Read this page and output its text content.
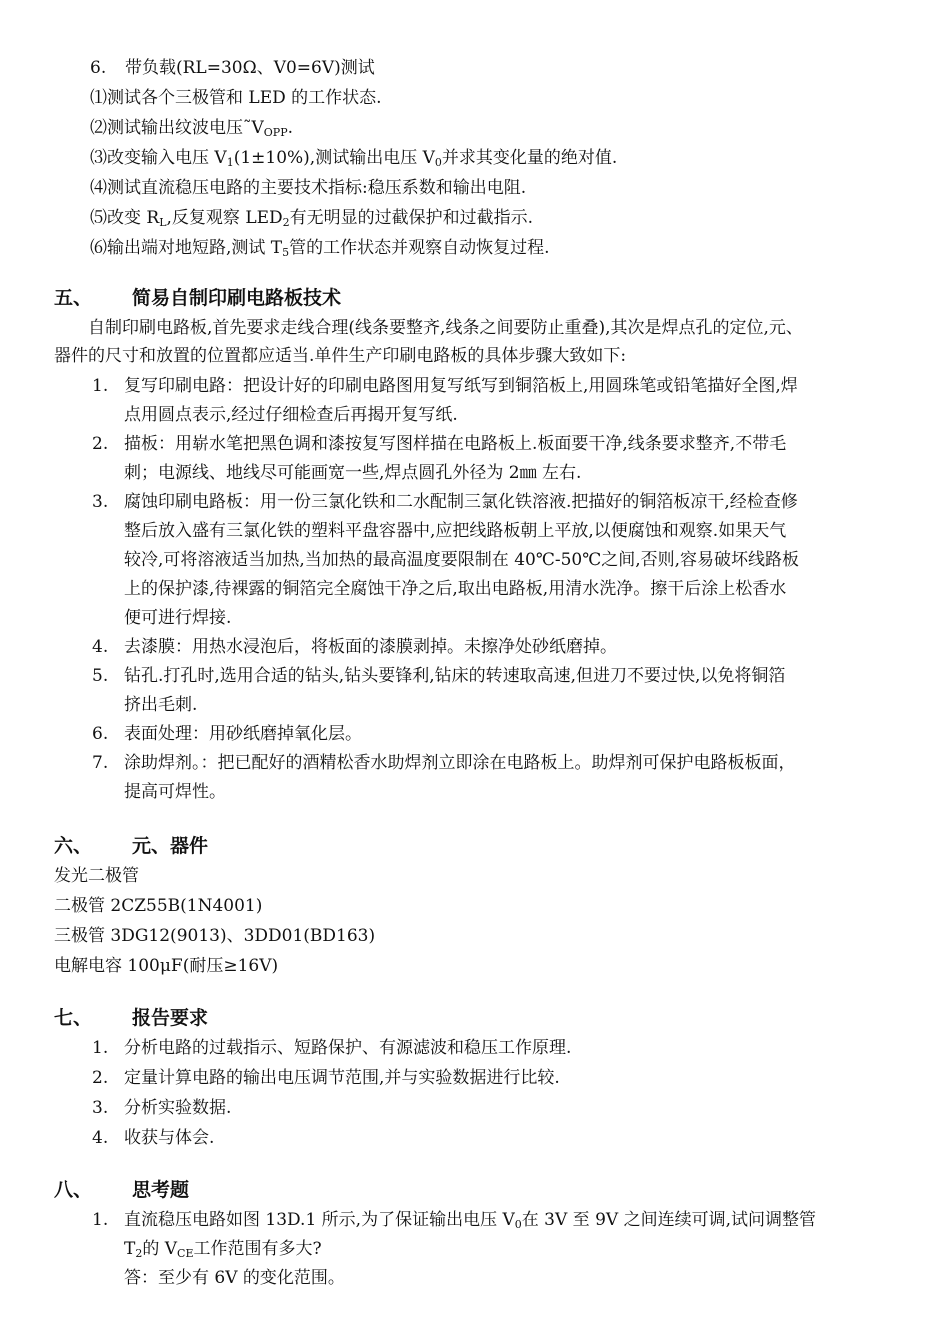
6.	带负载(RL=30Ω、V0=6V)测试
⑴测试各个三极管和 LED 的工作状态.
⑵测试输出纹波电压$˜V_{OPP}$.
⑶改变输入电压 $V_1(1\pm 10\%)$,测试输出电压 $V_0$并求其变化量的绝对值.
⑷测试直流稳压电路的主要技术指标:稳压系数和输出电阻.
⑸改变 $R_L$,反复观察 $LED_2$有无明显的过截保护和过截指示.
⑹输出端对地短路,测试 $T_5$管的工作状态并观察自动恢复过程.
五、 简易自制印刷电路板技术
自制印刷电路板,首先要求走线合理(线条要整齐,线条之间要防止重叠),其次是焊点孔的定位,元、
器件的尺寸和放置的位置都应适当.单件生产印刷电路板的具体步骤大致如下:
1. 复写印刷电路：把设计好的印刷电路图用复写纸写到铜箔板上,用圆珠笔或铅笔描好全图,焊
点用圆点表示,经过仔细检查后再揭开复写纸.
2. 描板：用崭水笔把黑色调和漆按复写图样描在电路板上.板面要干净,线条要求整齐,不带毛
刺；电源线、地线尽可能画宽一些,焊点圆孔外径为 2㎜ 左右.
3. 腐蚀印刷电路板：用一份三氯化铁和二水配制三氯化铁溶液.把描好的铜箔板凉干,经检查修
整后放入盛有三氯化铁的塑料平盘容器中,应把线路板朝上平放,以便腐蚀和观察.如果天气
较冷,可将溶液适当加热,当加热的最高温度要限制在 40℃-50℃之间,否则,容易破坏线路板
上的保护漆,待裸露的铜箔完全腐蚀干净之后,取出电路板,用清水洗净。擦干后涂上松香水
便可进行焊接.
4. 去漆膜：用热水浸泡后，将板面的漆膜剥掉。未擦净处砂纸磨掉。
5. 钻孔.打孔时,选用合适的钻头,钻头要锋利,钻床的转速取高速,但进刀不要过快,以免将铜箔
挤出毛刺.
6. 表面处理：用砂纸磨掉氧化层。
7. 涂助焊剂。：把已配好的酒精松香水助焊剂立即涂在电路板上。助焊剂可保护电路板板面，
提高可焊性。
六、 元、器件
发光二极管
二极管 2CZ55B(1N4001)
三极管 3DG12(9013)、3DD01(BD163)
电解电容 100μF(耐压≥16V)
七、 报告要求
1. 分析电路的过载指示、短路保护、有源滤波和稳压工作原理.
2. 定量计算电路的输出电压调节范围,并与实验数据进行比较.
3. 分析实验数据.
4. 收获与体会.
八、 思考题
1. 直流稳压电路如图 13D.1 所示,为了保证输出电压 $V_0$在 3V 至 9V 之间连续可调,试问调整管
$T_2$的 $V_{CE}$工作范围有多大?
答：至少有 6V 的变化范围。
